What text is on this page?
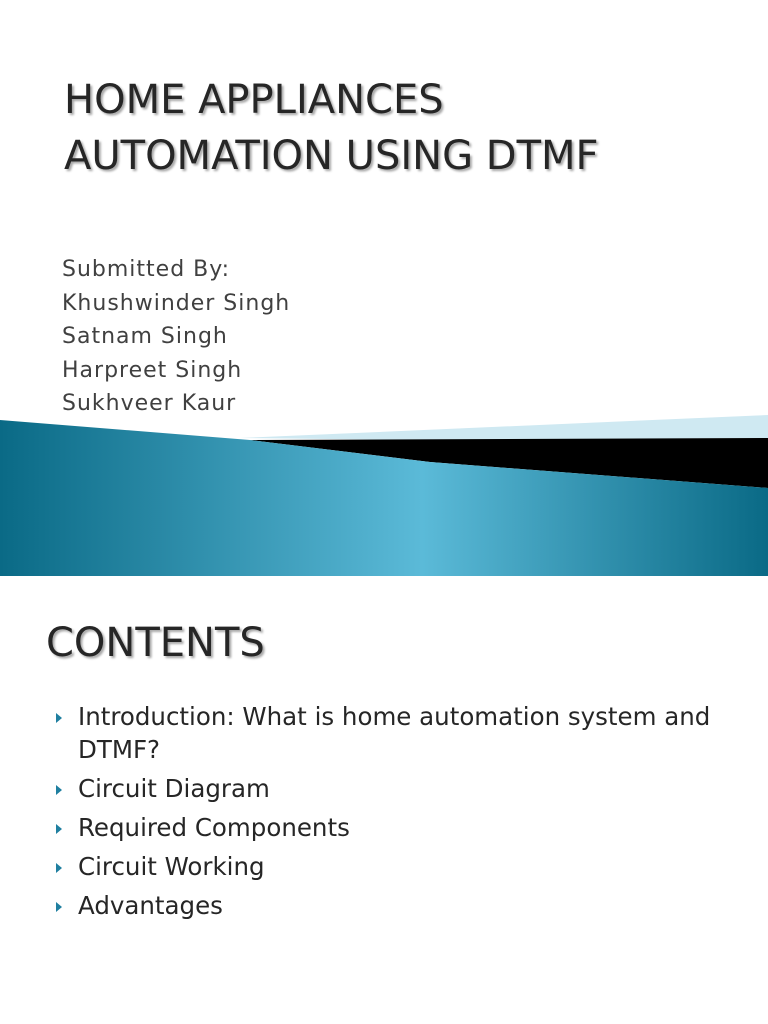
HOME APPLIANCES
AUTOMATION USING DTMF
Submitted By:
Khushwinder Singh
Satnam Singh
Harpreet Singh
Sukhveer Kaur
CONTENTS
Introduction: What is home automation system and DTMF?
Circuit Diagram
Required Components
Circuit Working
Advantages
